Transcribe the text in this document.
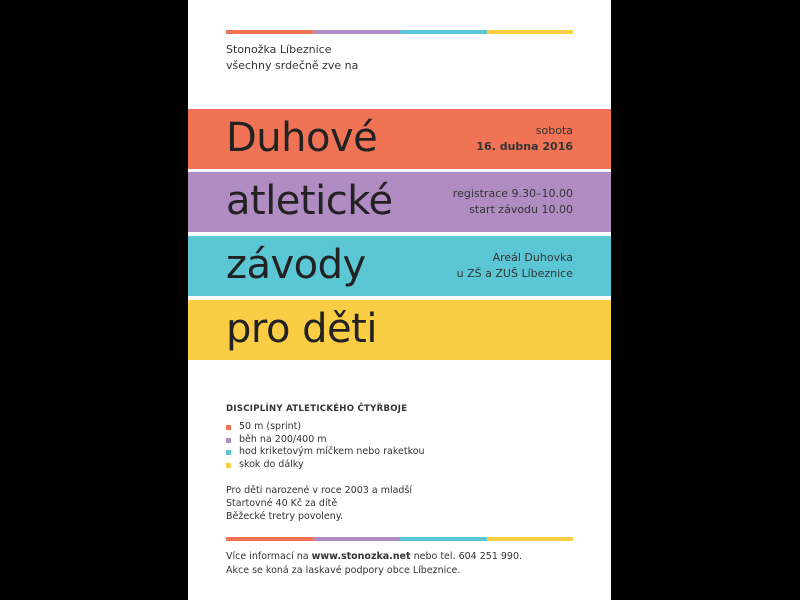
Stonožka Líbeznice
všechny srdečně zve na
Duhové	sobota
16. dubna 2016
atletické	registrace 9.30–10.00
start závodu 10.00
závody	Areál Duhovka
u ZŠ a ZUŠ Líbeznice
pro děti
DISCIPLÍNY ATLETICKÉHO ČTYŘBOJE
50 m (sprint)
běh na 200/400 m
hod kriketovým míčkem nebo raketkou
skok do dálky
Pro děti narozené v roce 2003 a mladší
Startovné 40 Kč za dítě
Běžecké tretry povoleny.
Více informací na www.stonozka.net nebo tel. 604 251 990.
Akce se koná za laskavé podpory obce Líbeznice.
